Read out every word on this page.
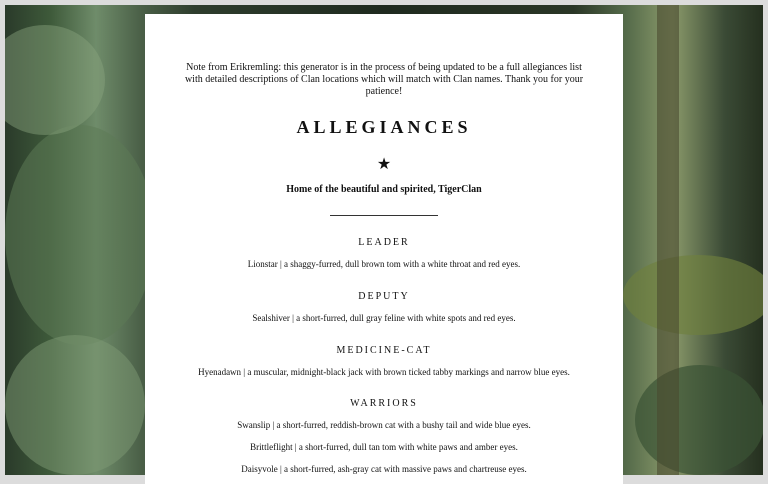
Note from Erikremling: this generator is in the process of being updated to be a full allegiances list with detailed descriptions of Clan locations which will match with Clan names. Thank you for your patience!
ALLEGIANCES
★
Home of the beautiful and spirited, TigerClan
LEADER
Lionstar | a shaggy-furred, dull brown tom with a white throat and red eyes.
DEPUTY
Sealshiver | a short-furred, dull gray feline with white spots and red eyes.
MEDICINE-CAT
Hyenadawn | a muscular, midnight-black jack with brown ticked tabby markings and narrow blue eyes.
WARRIORS
Swanslip | a short-furred, reddish-brown cat with a bushy tail and wide blue eyes.
Brittleflight | a short-furred, dull tan tom with white paws and amber eyes.
Daisyvole | a short-furred, ash-gray cat with massive paws and chartreuse eyes.
